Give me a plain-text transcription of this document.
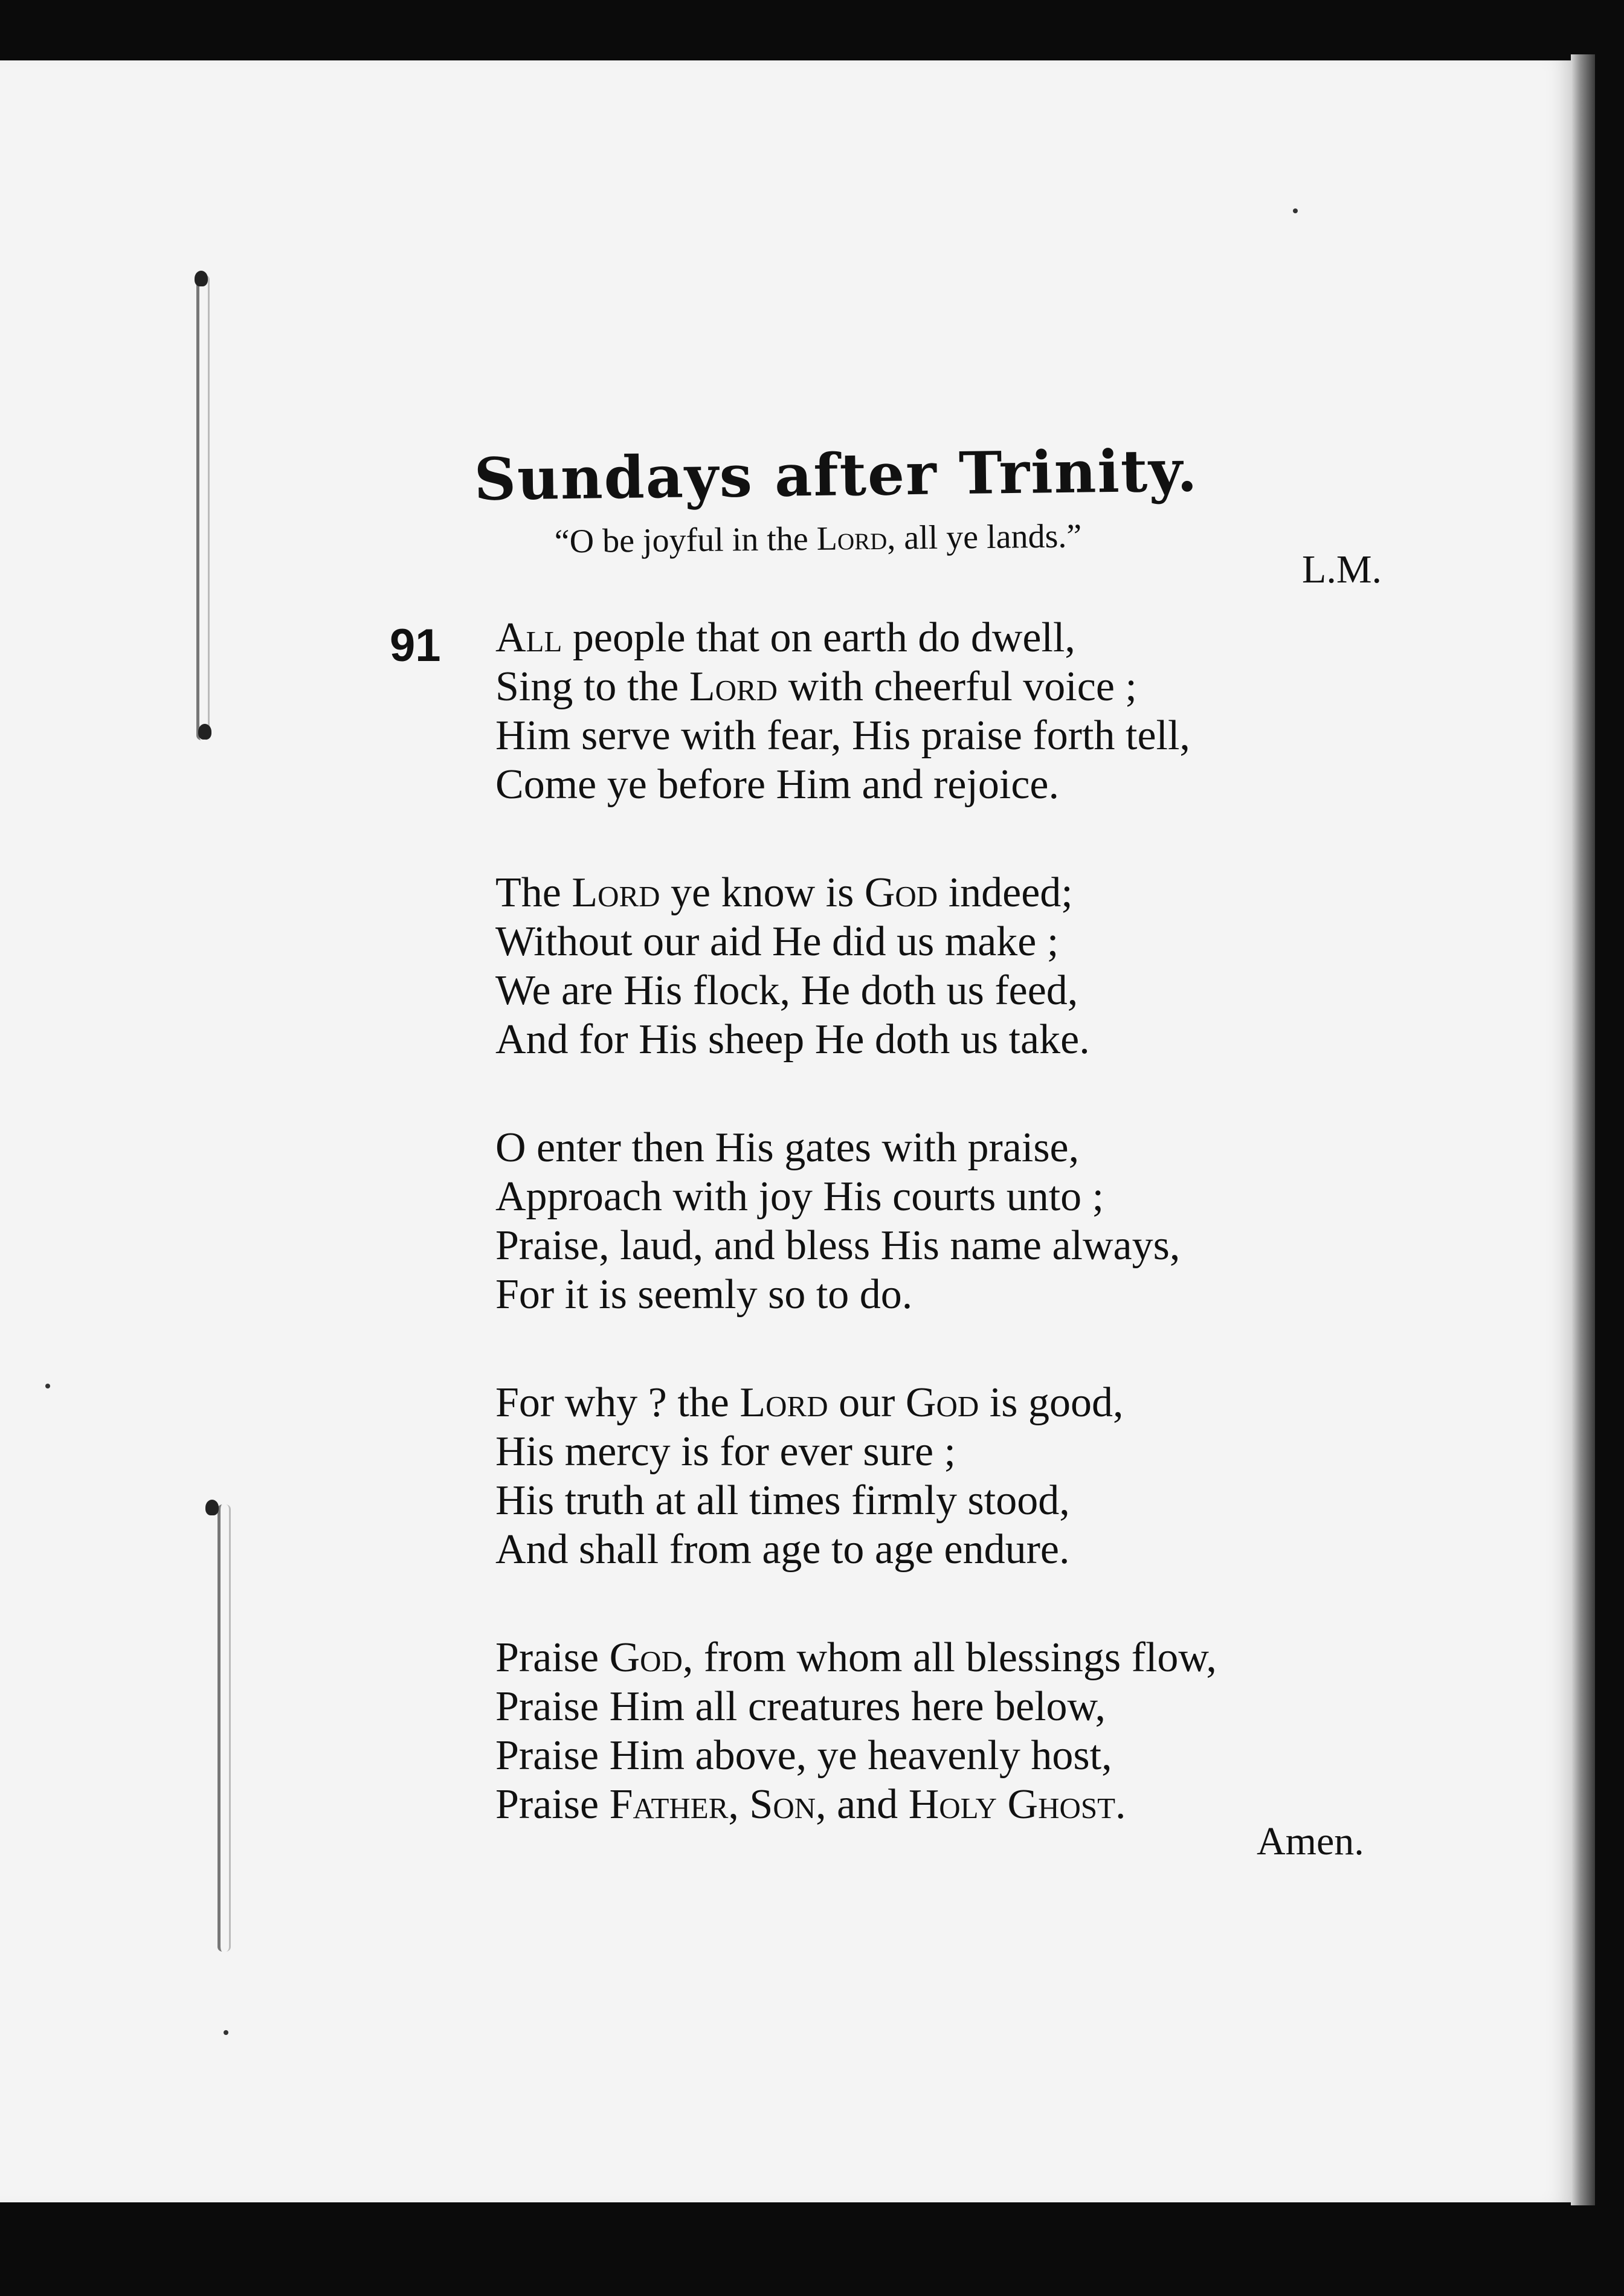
Sundays after Trinity.
“O be joyful in the Lord, all ye lands.”
L.M.
91 All people that on earth do dwell,
Sing to the Lord with cheerful voice ;
Him serve with fear, His praise forth tell,
Come ye before Him and rejoice.
The Lord ye know is God indeed;
Without our aid He did us make ;
We are His flock, He doth us feed,
And for His sheep He doth us take.
O enter then His gates with praise,
Approach with joy His courts unto ;
Praise, laud, and bless His name always,
For it is seemly so to do.
For why ? the Lord our God is good,
His mercy is for ever sure ;
His truth at all times firmly stood,
And shall from age to age endure.
Praise God, from whom all blessings flow,
Praise Him all creatures here below,
Praise Him above, ye heavenly host,
Praise Father, Son, and Holy Ghost.
Amen.
